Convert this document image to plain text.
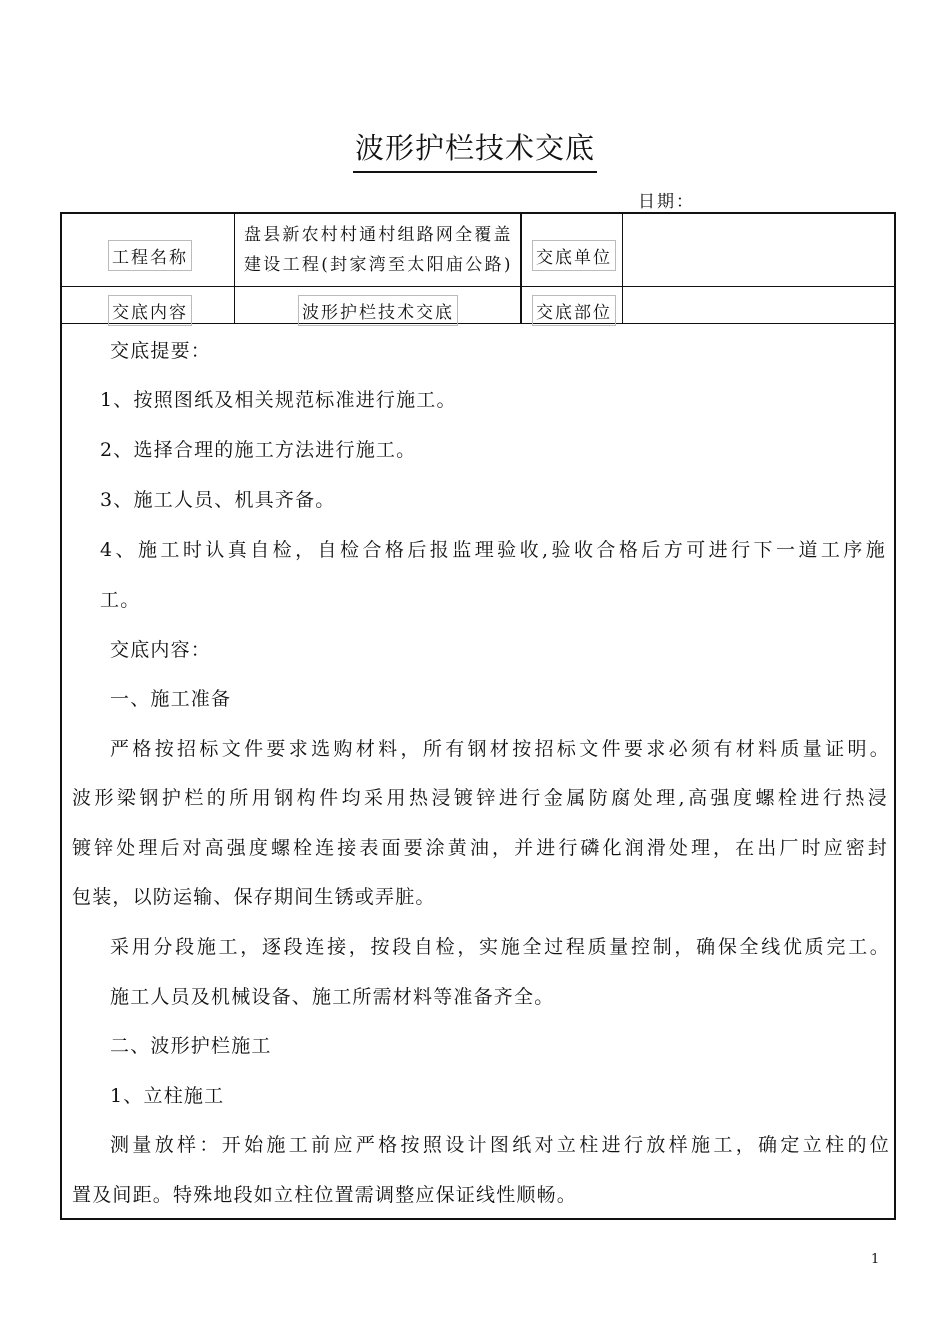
波形护栏技术交底
日期：
工程名称
盘县新农村村通村组路网全覆盖
建设工程(封家湾至太阳庙公路) 交底单位
交底内容	波形护栏技术交底	交底部位
交底提要：
1、按照图纸及相关规范标准进行施工。
2、选择合理的施工方法进行施工。
3、施工人员、机具齐备。
4、施工时认真自检，自检合格后报监理验收,验收合格后方可进行下一道工序施
工。
交底内容：
一、施工准备
严格按招标文件要求选购材料，所有钢材按招标文件要求必须有材料质量证明。
波形梁钢护栏的所用钢构件均采用热浸镀锌进行金属防腐处理,高强度螺栓进行热浸
镀锌处理后对高强度螺栓连接表面要涂黄油，并进行磷化润滑处理，在出厂时应密封
包装，以防运输、保存期间生锈或弄脏。
采用分段施工，逐段连接，按段自检，实施全过程质量控制，确保全线优质完工。
施工人员及机械设备、施工所需材料等准备齐全。
二、波形护栏施工
1、立柱施工
测量放样：开始施工前应严格按照设计图纸对立柱进行放样施工，确定立柱的位
置及间距。特殊地段如立柱位置需调整应保证线性顺畅。
1
